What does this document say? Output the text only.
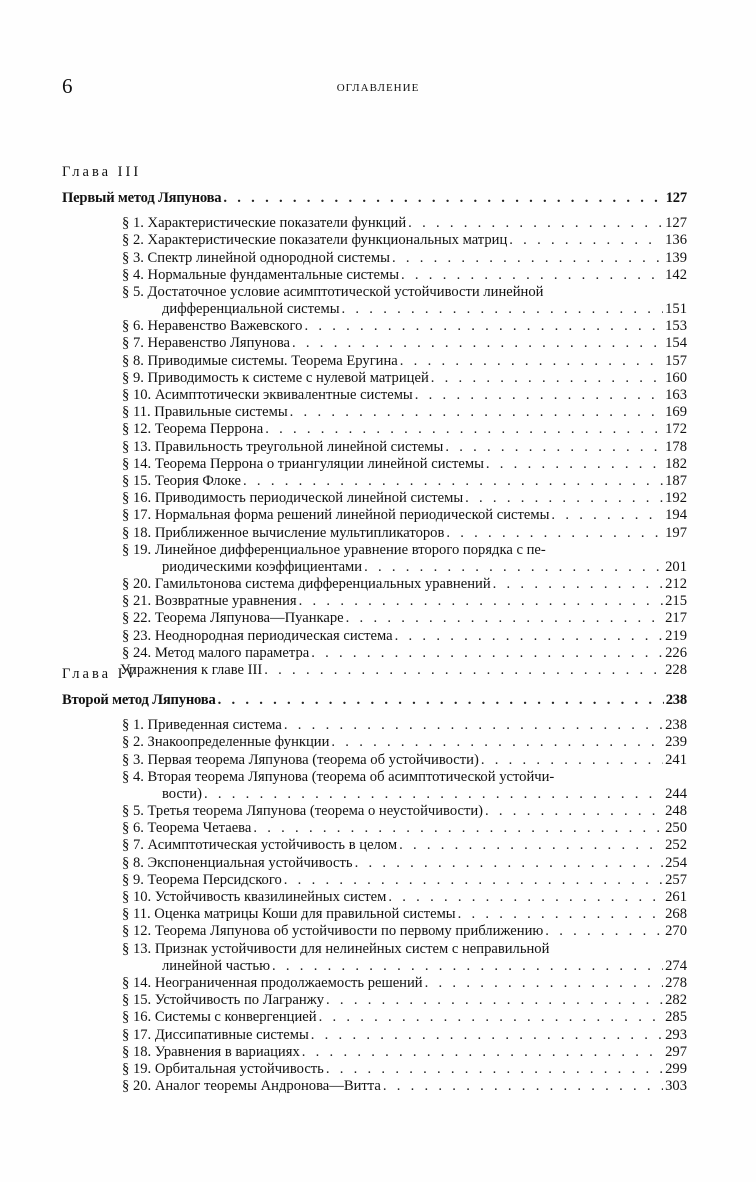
6	ОГЛАВЛЕНИЕ
Глава III
Первый метод Ляпунова . . .	127
§ 1. Характеристические показатели функций . . .	127
§ 2. Характеристические показатели функциональных матриц . . .	136
§ 3. Спектр линейной однородной системы . . .	139
§ 4. Нормальные фундаментальные системы . . .	142
§ 5. Достаточное условие асимптотической устойчивости линейной
дифференциальной системы . . .	151
§ 6. Неравенство Важевского . . .	153
§ 7. Неравенство Ляпунова . . .	154
§ 8. Приводимые системы. Теорема Еругина . . .	157
§ 9. Приводимость к системе с нулевой матрицей . . .	160
§ 10. Асимптотически эквивалентные системы . . .	163
§ 11. Правильные системы . . .	169
§ 12. Теорема Перрона . . .	172
§ 13. Правильность треугольной линейной системы . . .	178
§ 14. Теорема Перрона о триангуляции линейной системы . . .	182
§ 15. Теория Флоке . . .	187
§ 16. Приводимость периодической линейной системы . . .	192
§ 17. Нормальная форма решений линейной периодической системы . . .	194
§ 18. Приближенное вычисление мультипликаторов . . .	197
§ 19. Линейное дифференциальное уравнение второго порядка с пе-
риодическими коэффициентами . . .	201
§ 20. Гамильтонова система дифференциальных уравнений . . .	212
§ 21. Возвратные уравнения . . .	215
§ 22. Теорема Ляпунова—Пуанкаре . . .	217
§ 23. Неоднородная периодическая система . . .	219
§ 24. Метод малого параметра . . .	226
Упражнения к главе III . . .	228
Глава IV
Второй метод Ляпунова . . .	238
§ 1. Приведенная система . . .	238
§ 2. Знакоопределенные функции . . .	239
§ 3. Первая теорема Ляпунова (теорема об устойчивости) . . .	241
§ 4. Вторая теорема Ляпунова (теорема об асимптотической устойчи-
вости) . . .	244
§ 5. Третья теорема Ляпунова (теорема о неустойчивости) . . .	248
§ 6. Теорема Четаева . . .	250
§ 7. Асимптотическая устойчивость в целом . . .	252
§ 8. Экспоненциальная устойчивость . . .	254
§ 9. Теорема Персидского . . .	257
§ 10. Устойчивость квазилинейных систем . . .	261
§ 11. Оценка матрицы Коши для правильной системы . . .	268
§ 12. Теорема Ляпунова об устойчивости по первому приближению . . .	270
§ 13. Признак устойчивости для нелинейных систем с неправильной
линейной частью . . .	274
§ 14. Неограниченная продолжаемость решений . . .	278
§ 15. Устойчивость по Лагранжу . . .	282
§ 16. Системы с конвергенцией . . .	285
§ 17. Диссипативные системы . . .	293
§ 18. Уравнения в вариациях . . .	297
§ 19. Орбитальная устойчивость . . .	299
§ 20. Аналог теоремы Андронова—Витта . . .	303
